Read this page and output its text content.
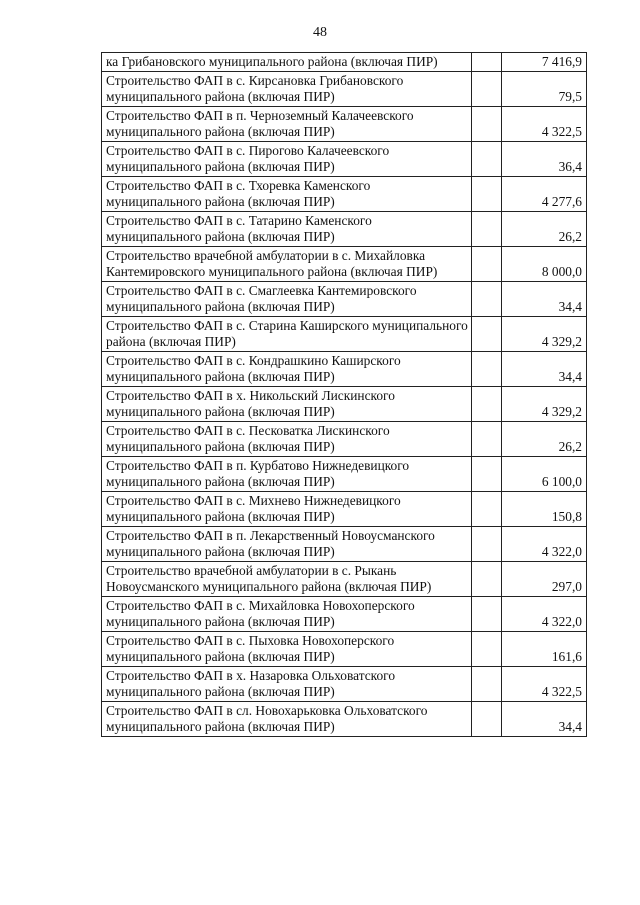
48
ка Грибановского муниципального района (включая ПИР)		7 416,9

Строительство ФАП в с. Кирсановка Грибановского муниципального района (включая ПИР)		79,5

Строительство ФАП в п. Черноземный Калачеевского муниципального района (включая ПИР)		4 322,5

Строительство ФАП в с. Пирогово Калачеевского муниципального района (включая ПИР)		36,4

Строительство ФАП в с. Тхоревка Каменского муниципального района (включая ПИР)		4 277,6

Строительство ФАП в с. Татарино Каменского муниципального района (включая ПИР)		26,2

Строительство врачебной амбулатории в с. Михайловка Кантемировского муниципального района (включая ПИР)		8 000,0

Строительство ФАП в с. Смаглеевка Кантемировского муниципального района (включая ПИР)		34,4

Строительство ФАП в с. Старина Каширского муниципального района (включая ПИР)		4 329,2

Строительство ФАП в с. Кондрашкино Каширского муниципального района (включая ПИР)		34,4

Строительство ФАП в х. Никольский Лискинского муниципального района (включая ПИР)		4 329,2

Строительство ФАП в с. Песковатка Лискинского муниципального района (включая ПИР)		26,2

Строительство ФАП в п. Курбатово Нижнедевицкого муниципального района (включая ПИР)		6 100,0

Строительство ФАП в с. Михнево Нижнедевицкого муниципального района (включая ПИР)		150,8

Строительство ФАП в п. Лекарственный Новоусманского муниципального района (включая ПИР)		4 322,0

Строительство врачебной амбулатории в с. Рыкань Новоусманского муниципального района (включая ПИР)		297,0

Строительство ФАП в с. Михайловка Новохоперского муниципального района (включая ПИР)		4 322,0

Строительство ФАП в с. Пыховка Новохоперского муниципального района (включая ПИР)		161,6

Строительство ФАП в х. Назаровка Ольховатского муниципального района (включая ПИР)		4 322,5

Строительство ФАП в сл. Новохарьковка Ольховатского муниципального района (включая ПИР)		34,4
